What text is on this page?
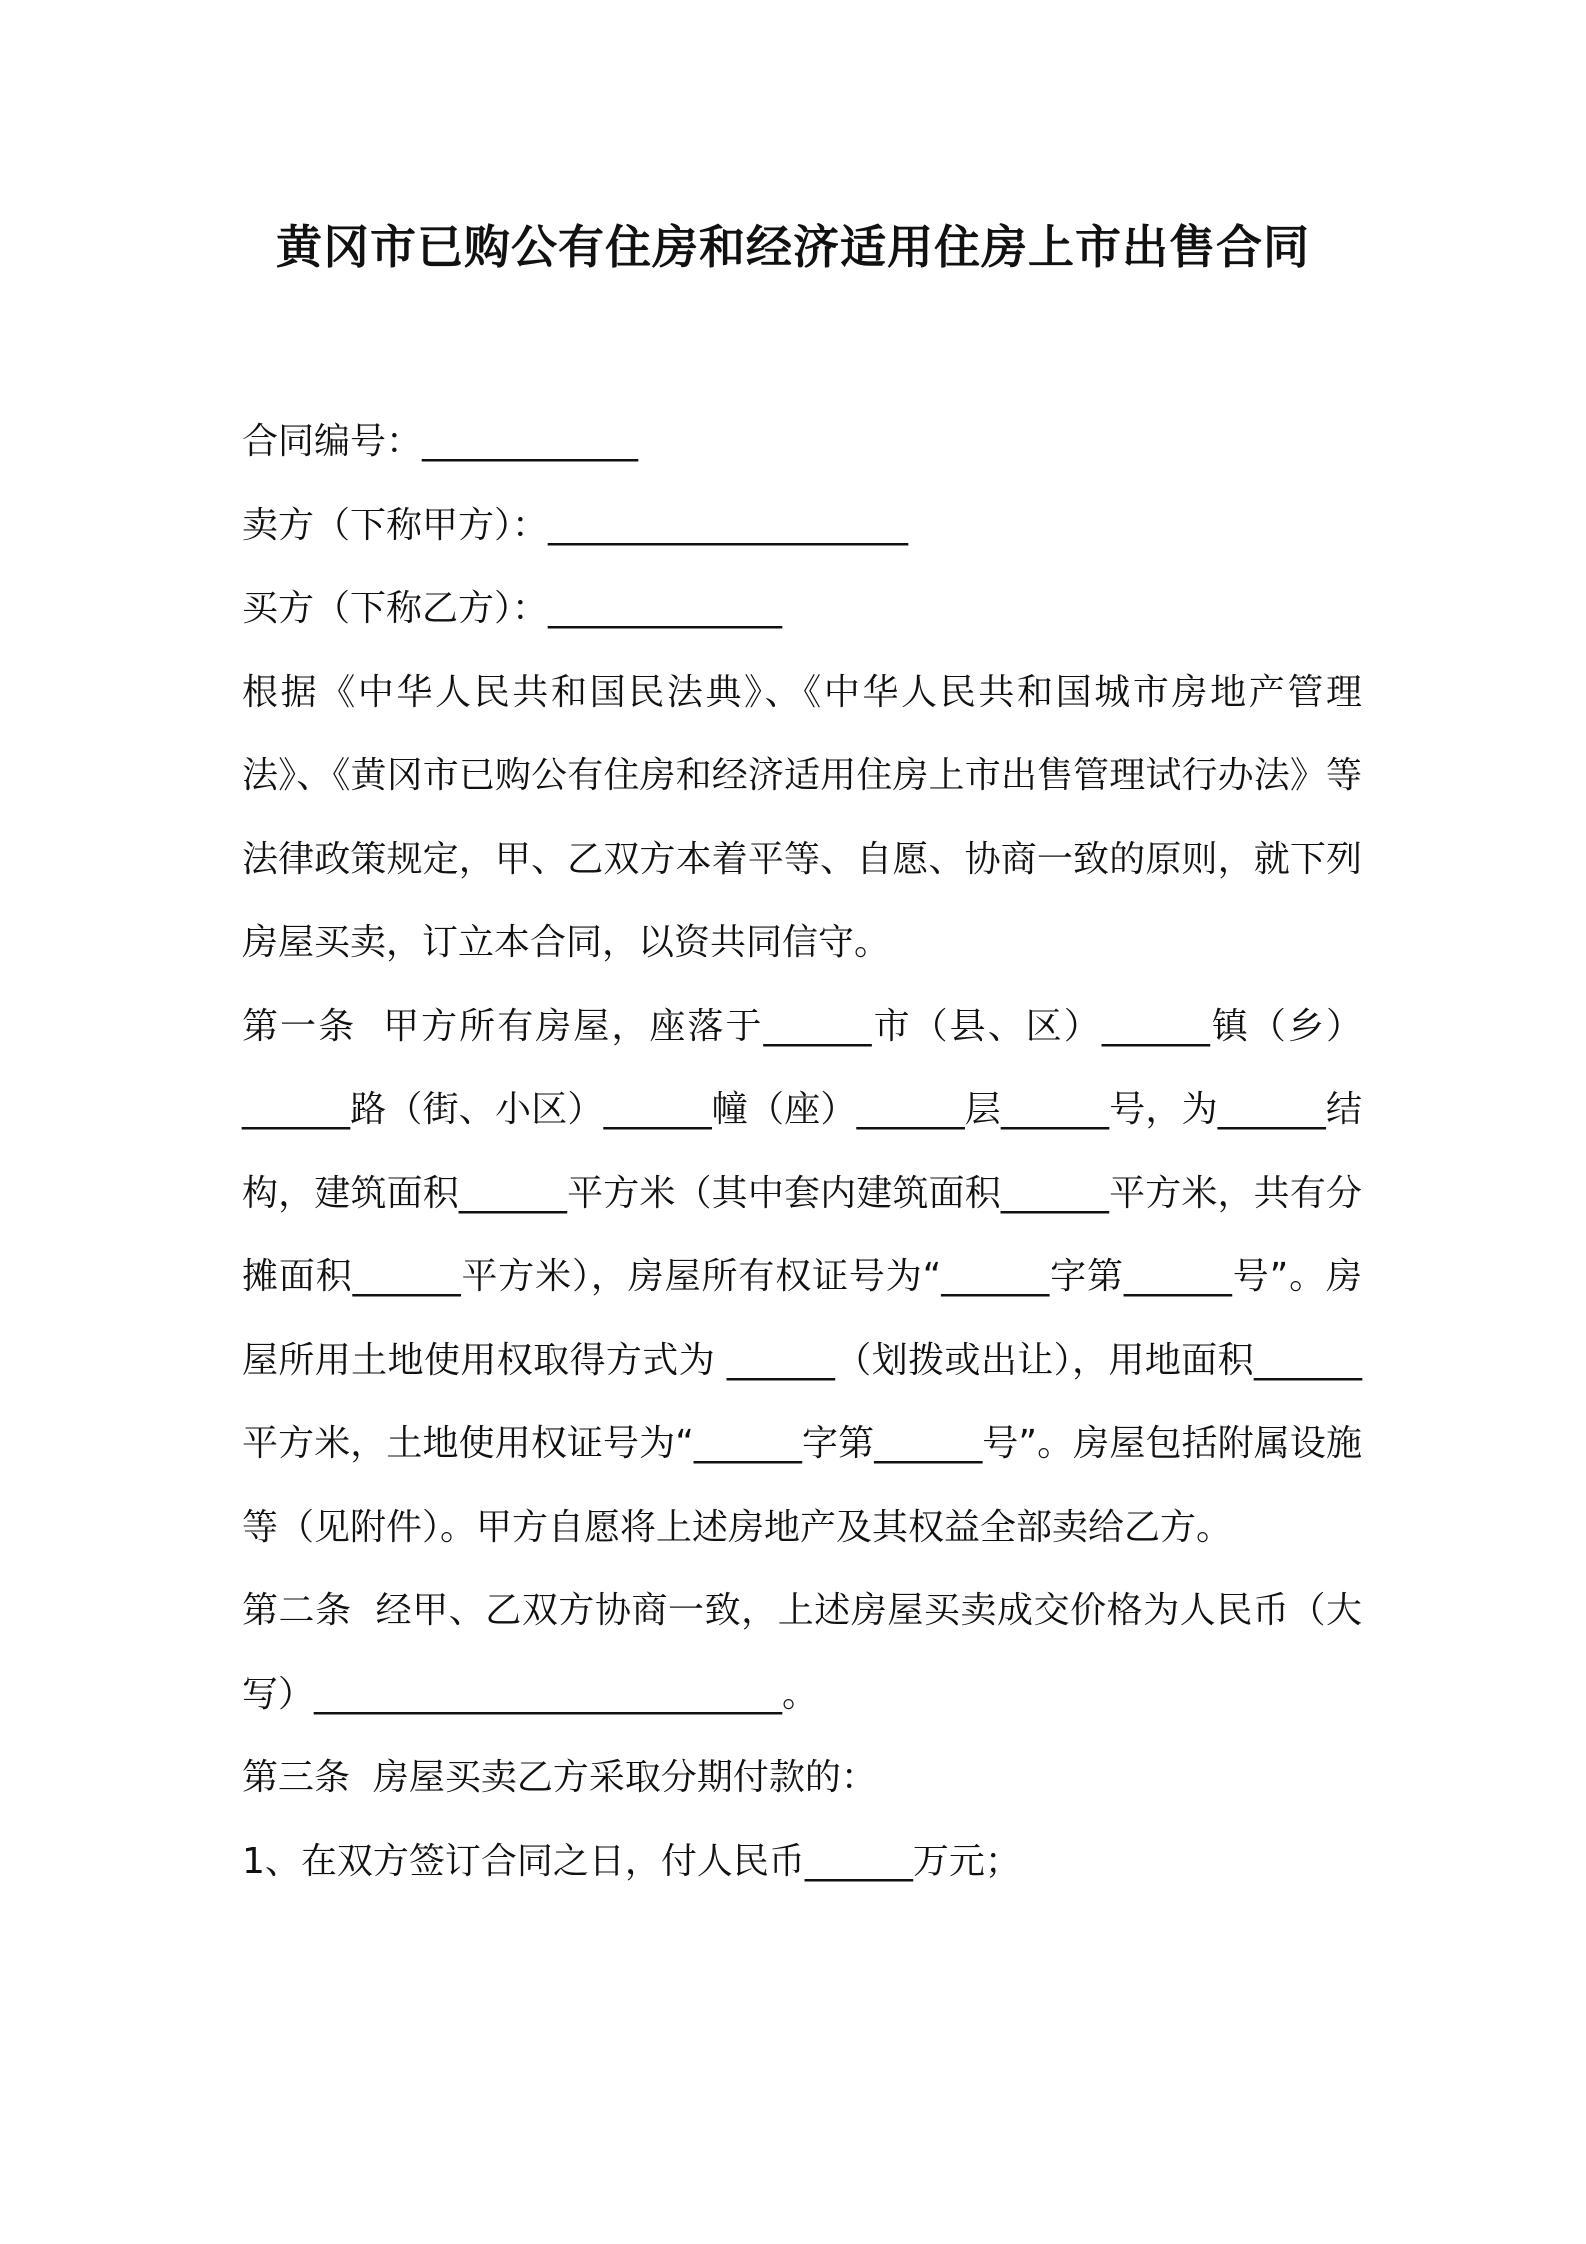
黄冈市已购公有住房和经济适用住房上市出售合同

合同编号：____________

卖方（下称甲方）：____________________

买方（下称乙方）：_____________

根据《中华人民共和国民法典》、《中华人民共和国城市房地产管理法》、《黄冈市已购公有住房和经济适用住房上市出售管理试行办法》等法律政策规定，甲、乙双方本着平等、自愿、协商一致的原则，就下列房屋买卖，订立本合同，以资共同信守。

第一条  甲方所有房屋，座落于______市（县、区）______镇（乡）______路（街、小区）______幢（座）______层______号，为______结构，建筑面积______平方米（其中套内建筑面积______平方米，共有分摊面积______平方米），房屋所有权证号为“______字第______号”。房屋所用土地使用权取得方式为 ______（划拨或出让），用地面积______平方米，土地使用权证号为“______字第______号”。房屋包括附属设施等（见附件）。甲方自愿将上述房地产及其权益全部卖给乙方。

第二条  经甲、乙双方协商一致，上述房屋买卖成交价格为人民币（大写）__________________________。

第三条  房屋买卖乙方采取分期付款的：

1、在双方签订合同之日，付人民币______万元；
